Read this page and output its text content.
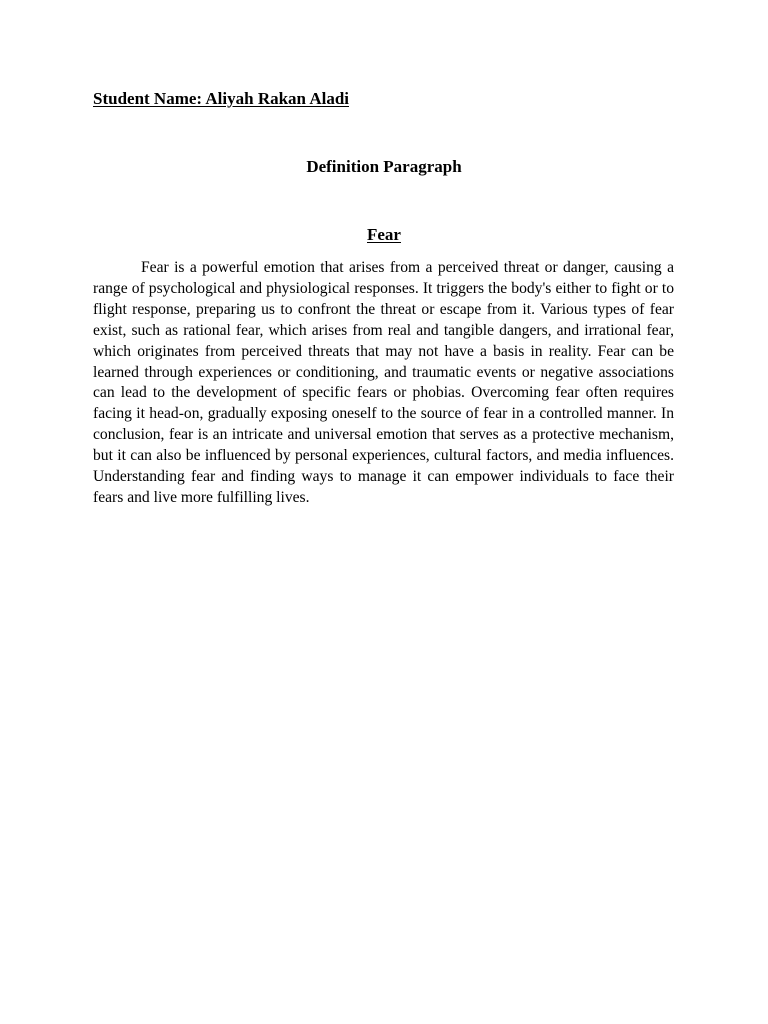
Student Name: Aliyah Rakan Aladi
Definition Paragraph
Fear

Fear is a powerful emotion that arises from a perceived threat or danger, causing a range of psychological and physiological responses. It triggers the body's either to fight or to flight response, preparing us to confront the threat or escape from it. Various types of fear exist, such as rational fear, which arises from real and tangible dangers, and irrational fear, which originates from perceived threats that may not have a basis in reality. Fear can be learned through experiences or conditioning, and traumatic events or negative associations can lead to the development of specific fears or phobias. Overcoming fear often requires facing it head-on, gradually exposing oneself to the source of fear in a controlled manner. In conclusion, fear is an intricate and universal emotion that serves as a protective mechanism, but it can also be influenced by personal experiences, cultural factors, and media influences. Understanding fear and finding ways to manage it can empower individuals to face their fears and live more fulfilling lives.
